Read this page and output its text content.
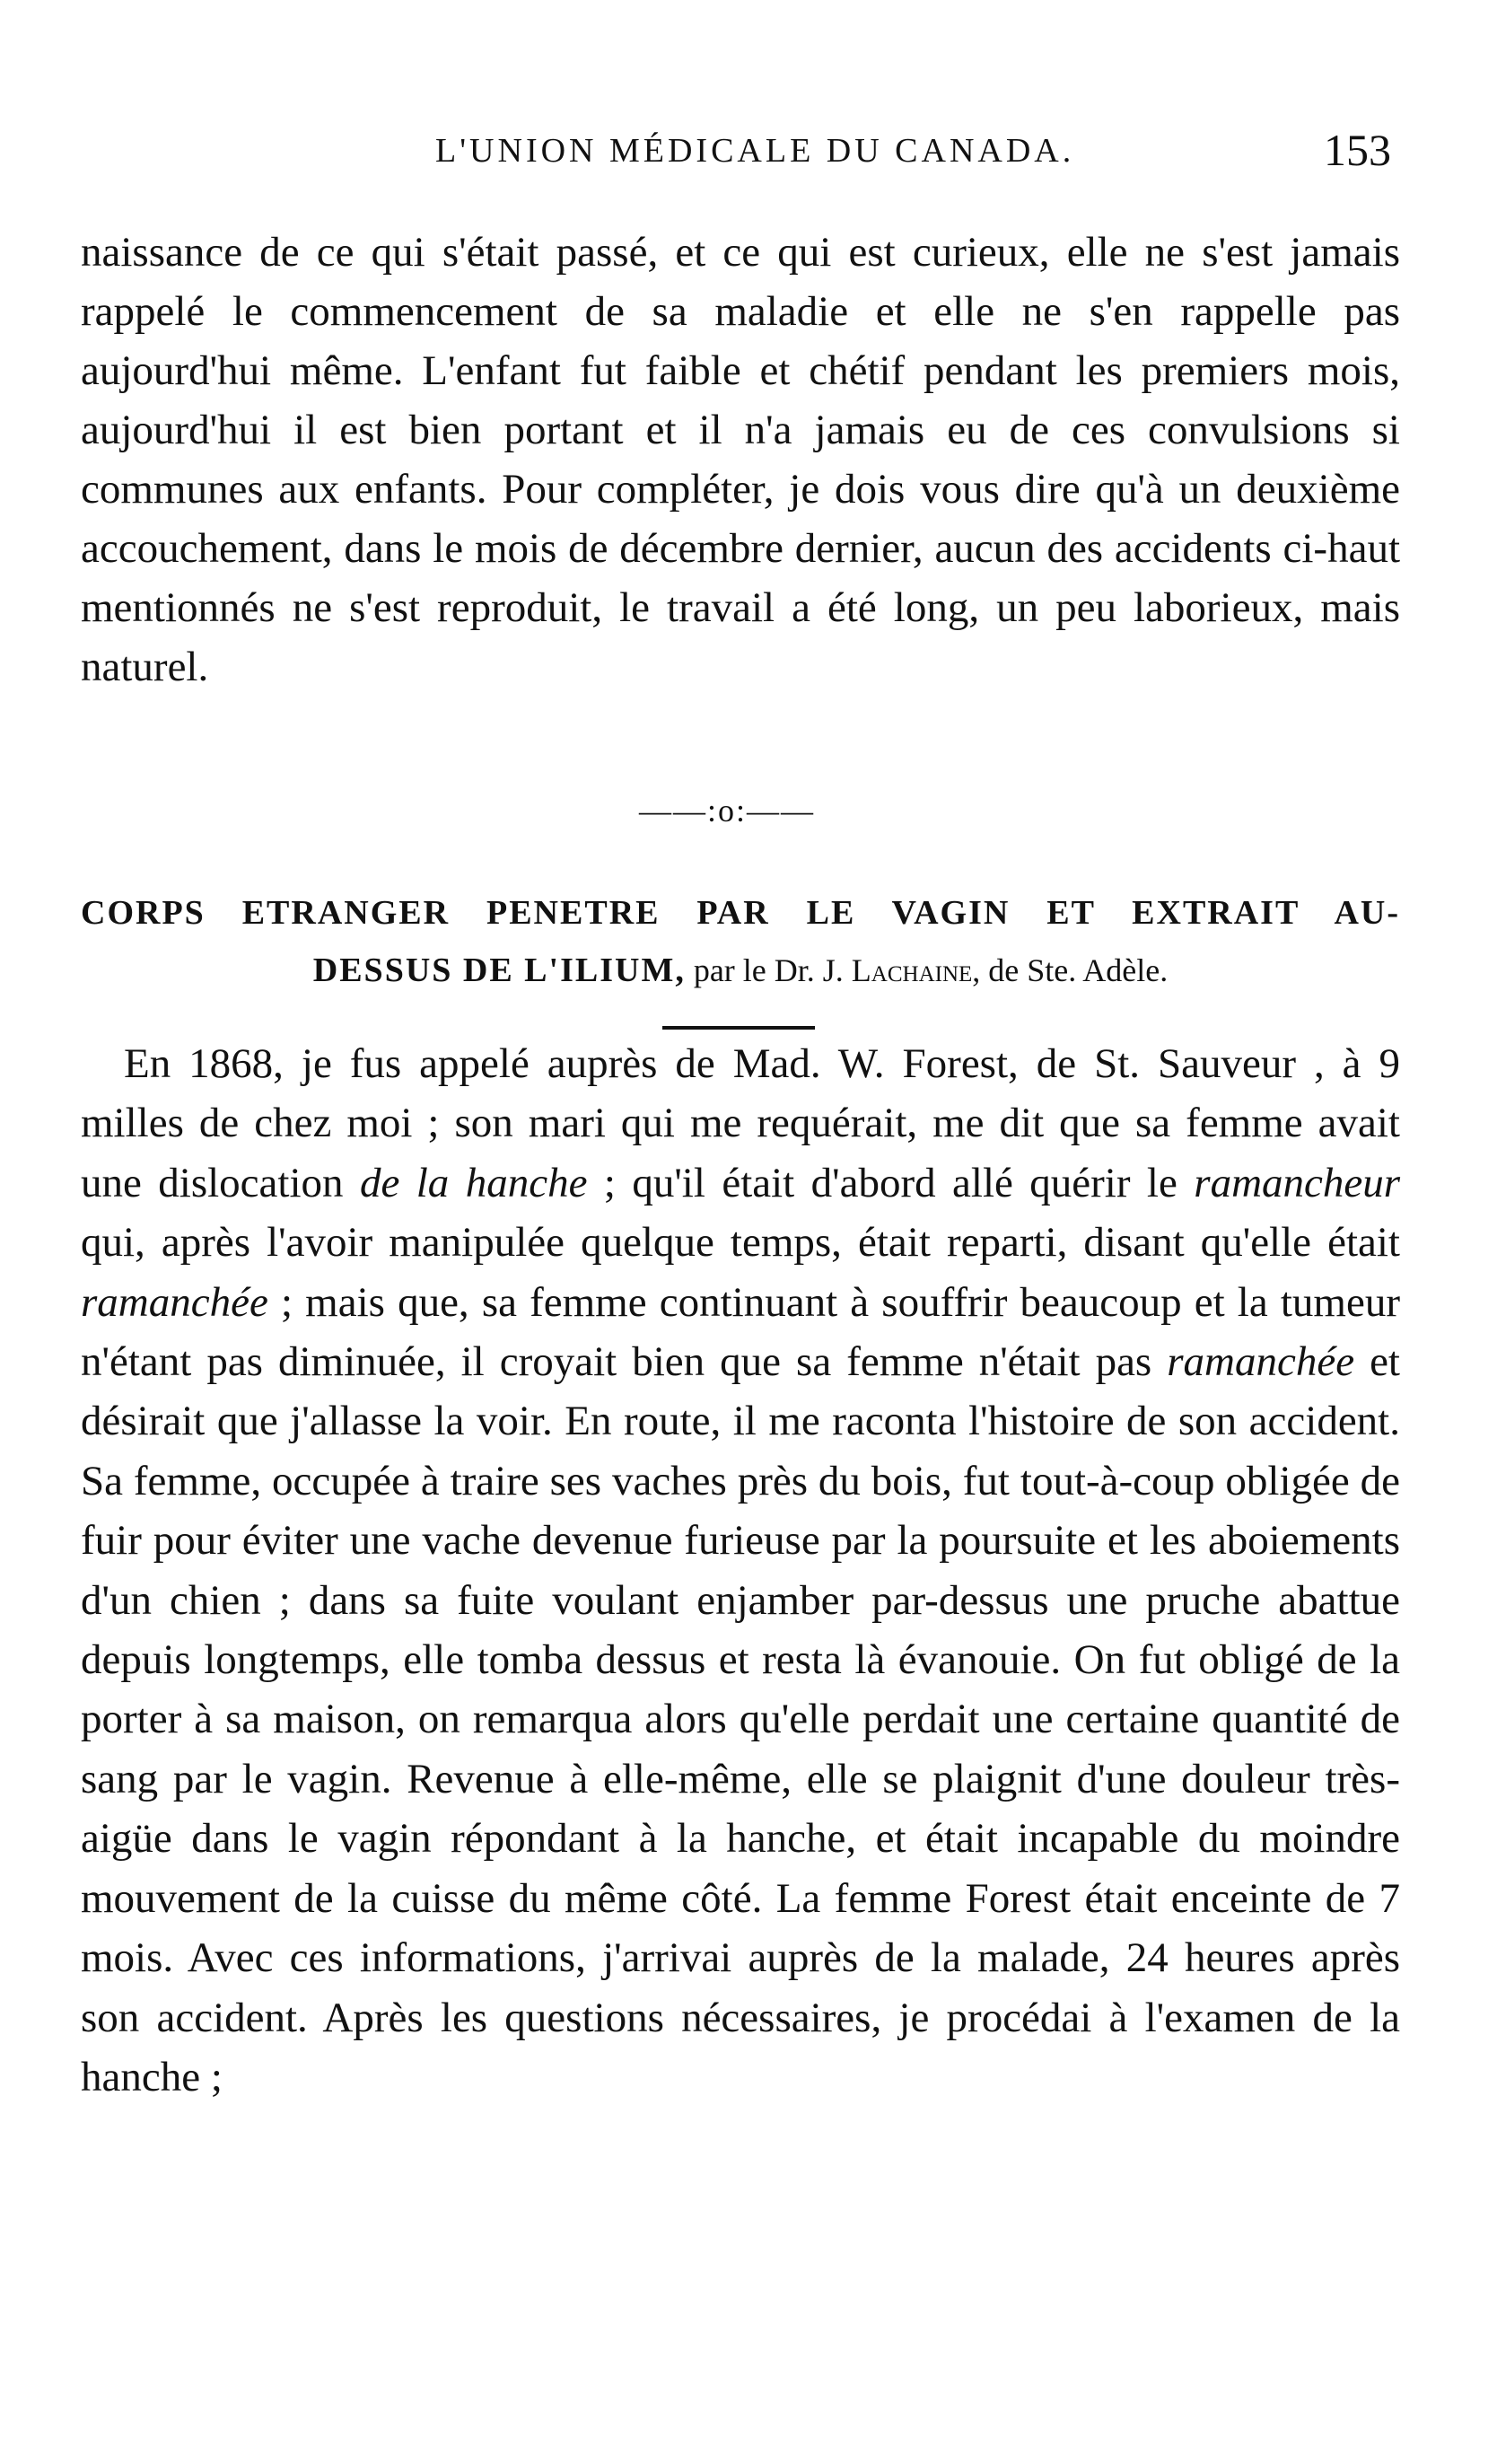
L'UNION MÉDICALE DU CANADA.	153

naissance de ce qui s'était passé, et ce qui est curieux, elle ne s'est jamais rappelé le commencement de sa maladie et elle ne s'en rappelle pas aujourd'hui même. L'enfant fut faible et chétif pendant les premiers mois, aujourd'hui il est bien portant et il n'a jamais eu de ces convulsions si communes aux enfants. Pour compléter, je dois vous dire qu'à un deuxième accouchement, dans le mois de décembre dernier, aucun des accidents ci-haut mentionnés ne s'est reproduit, le travail a été long, un peu laborieux, mais naturel.

——:o:——
CORPS ETRANGER PENETRE PAR LE VAGIN ET EXTRAIT AU-
DESSUS DE L'ILIUM, par le Dr. J. Lachaine, de Ste. Adèle.

En 1868, je fus appelé auprès de Mad. W. Forest, de St. Sauveur , à 9 milles de chez moi ; son mari qui me requérait, me dit que sa femme avait une dislocation de la hanche ; qu'il était d'abord allé quérir le ramancheur qui, après l'avoir manipulée quelque temps, était reparti, disant qu'elle était ramanchée ; mais que, sa femme continuant à souffrir beaucoup et la tumeur n'étant pas diminuée, il croyait bien que sa femme n'était pas ramanchée et désirait que j'allasse la voir. En route, il me raconta l'histoire de son accident. Sa femme, occupée à traire ses vaches près du bois, fut tout-à-coup obligée de fuir pour éviter une vache devenue furieuse par la poursuite et les aboiements d'un chien ; dans sa fuite voulant enjamber par-dessus une pruche abattue depuis longtemps, elle tomba dessus et resta là évanouie. On fut obligé de la porter à sa maison, on remarqua alors qu'elle perdait une certaine quantité de sang par le vagin. Revenue à elle-même, elle se plaignit d'une douleur très-aigüe dans le vagin répondant à la hanche, et était incapable du moindre mouvement de la cuisse du même côté. La femme Forest était enceinte de 7 mois. Avec ces informations, j'arrivai auprès de la malade, 24 heures après son accident. Après les questions nécessaires, je procédai à l'examen de la hanche ;
